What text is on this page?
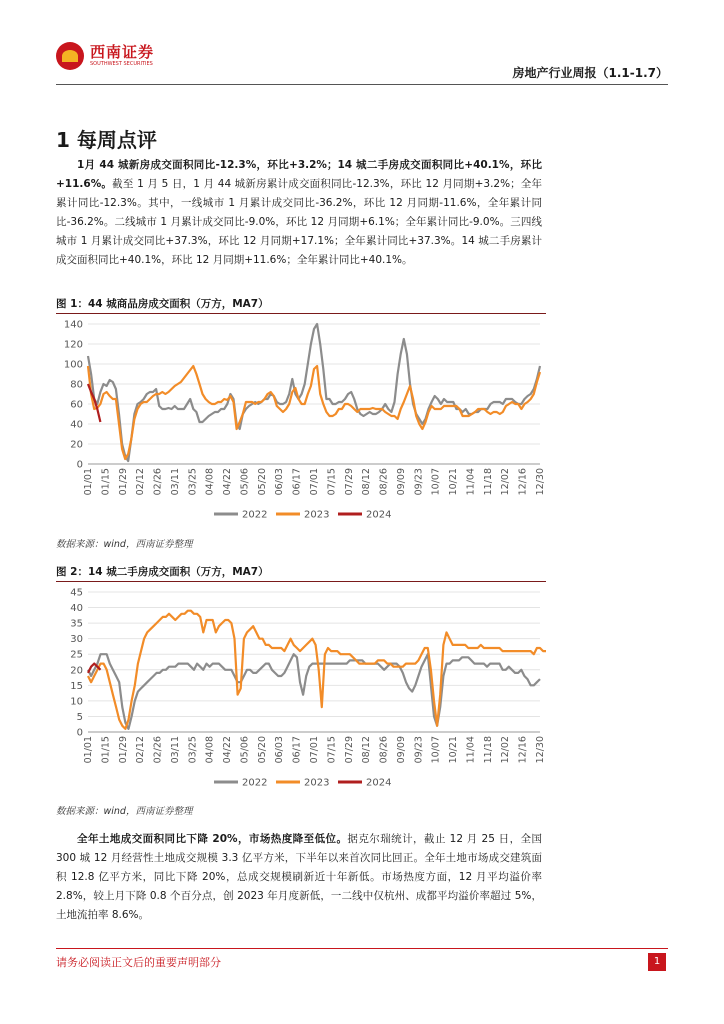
西南证券
SOUTHWEST SECURITIES
房地产行业周报（1.1-1.7）
1 每周点评
1月 44 城新房成交面积同比-12.3%，环比+3.2%；14 城二手房成交面积同比+40.1%，环比+11.6%。截至 1 月 5 日，1 月 44 城新房累计成交面积同比-12.3%，环比 12 月同期+3.2%；全年累计同比-12.3%。其中，一线城市 1 月累计成交同比-36.2%，环比 12 月同期-11.6%，全年累计同比-36.2%。二线城市 1 月累计成交同比-9.0%，环比 12 月同期+6.1%；全年累计同比-9.0%。三四线城市 1 月累计成交同比+37.3%，环比 12 月同期+17.1%；全年累计同比+37.3%。14 城二手房累计成交面积同比+40.1%，环比 12 月同期+11.6%；全年累计同比+40.1%。
图 1：44 城商品房成交面积（万方，MA7）
0
20
40
60
80
100
120
140
01/01 01/15 01/29 02/12 02/26 03/11 03/25 04/08 04/22 05/06 05/20 06/03 06/17 07/01 07/15 07/29 08/12 08/26 09/09 09/23 10/07 10/21 11/04 11/18 12/02 12/16 12/30
2022	2023	2024
数据来源：wind，西南证券整理
图 2：14 城二手房成交面积（万方，MA7）
0
5
10
15
20
25
30
35
40
45
01/01 01/15 01/29 02/12 02/26 03/11 03/25 04/08 04/22 05/06 05/20 06/03 06/17 07/01 07/15 07/29 08/12 08/26 09/09 09/23 10/07 10/21 11/04 11/18 12/02 12/16 12/30
2022	2023	2024
数据来源：wind，西南证券整理
全年土地成交面积同比下降 20%，市场热度降至低位。据克尔瑞统计，截止 12 月 25 日，全国 300 城 12 月经营性土地成交规模 3.3 亿平方米，下半年以来首次同比回正。全年土地市场成交建筑面积 12.8 亿平方米，同比下降 20%，总成交规模刷新近十年新低。市场热度方面，12 月平均溢价率 2.8%，较上月下降 0.8 个百分点，创 2023 年月度新低，一二线中仅杭州、成都平均溢价率超过 5%，土地流拍率 8.6%。
请务必阅读正文后的重要声明部分	1
